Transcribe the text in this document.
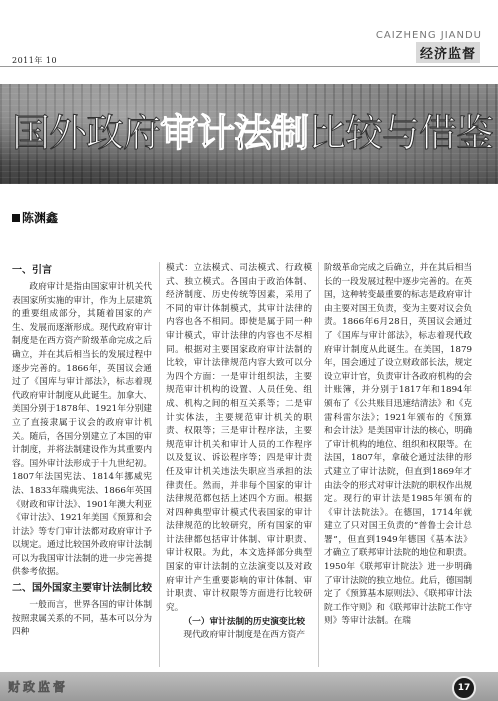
2011年 10
CAIZHENG JIANDU
经济监督
国外政府审计法制比较与借鉴
陈渊鑫
一、引言

政府审计是指由国家审计机关代表国家所实施的审计，作为上层建筑的重要组成部分，其随着国家的产生、发展而逐渐形成。现代政府审计制度是在西方资产阶级革命完成之后确立，并在其后相当长的发展过程中逐步完善的。1866年，英国议会通过了《国库与审计部法》，标志着现代政府审计制度从此诞生。加拿大、美国分别于1878年、1921年分别建立了直接隶属于议会的政府审计机关。随后，各国分别建立了本国的审计制度，并将法制建设作为其重要内容。国外审计法形成于十九世纪初。1807年法国宪法、1814年挪威宪法、1833年瑞典宪法、1866年英国《财政和审计法》、1901年澳大利亚《审计法》、1921年美国《预算和会计法》等专门审计法都对政府审计予以规定。通过比较国外政府审计法制可以为我国审计法制的进一步完善提供参考依据。

二、国外国家主要审计法制比较

一般而言，世界各国的审计体制按照隶属关系的不同，基本可以分为四种

模式：立法模式、司法模式、行政模式、独立模式。各国由于政治体制、经济制度、历史传统等因素，采用了不同的审计体制模式，其审计法律的内容也各不相同。即使是属于同一种审计模式，审计法律的内容也不尽相同。根据对主要国家政府审计法制的比较，审计法律规范内容大致可以分为四个方面：一是审计组织法，主要规范审计机构的设置、人员任免、组成、机构之间的相互关系等；二是审计实体法，主要规范审计机关的职责、权限等；三是审计程序法，主要规范审计机关和审计人员的工作程序以及复议、诉讼程序等；四是审计责任及审计机关违法失职应当承担的法律责任。然而，并非每个国家的审计法律规范都包括上述四个方面。根据对四种典型审计模式代表国家的审计法律规范的比较研究，所有国家的审计法律都包括审计体制、审计职责、审计权限。为此，本文选择部分典型国家的审计法制的立法演变以及对政府审计产生重要影响的审计体制、审计职责、审计权限等方面进行比较研究。

（一）审计法制的历史演变比较

现代政府审计制度是在西方资产

阶级革命完成之后确立，并在其后相当长的一段发展过程中逐步完善的。在英国，这种转变最重要的标志是政府审计由主要对国王负责，变为主要对议会负责。1866年6月28日，英国议会通过了《国库与审计部法》，标志着现代政府审计制度从此诞生。在美国，1879年，国会通过了设立财政部长法，规定设立审计官，负责审计各政府机构的会计账簿，并分别于1817年和1894年颁布了《公共账目迅速结清法》和《克雷科雷尔法》；1921年颁布的《预算和会计法》是美国审计法的核心，明确了审计机构的地位、组织和权限等。在法国，1807年，拿破仑通过法律的形式建立了审计法院，但直到1869年才由法令的形式对审计法院的职权作出规定。现行的审计法是1985年颁布的《审计法院法》。在德国，1714年就建立了只对国王负责的“普鲁士会计总署”，但直到1949年德国《基本法》才确立了联邦审计法院的地位和职责。1950年《联邦审计院法》进一步明确了审计法院的独立地位。此后，德国制定了《预算基本原则法》、《联邦审计法院工作守则》和《联邦审计法院工作守则》等审计法制。在瑞

财政监督	17
